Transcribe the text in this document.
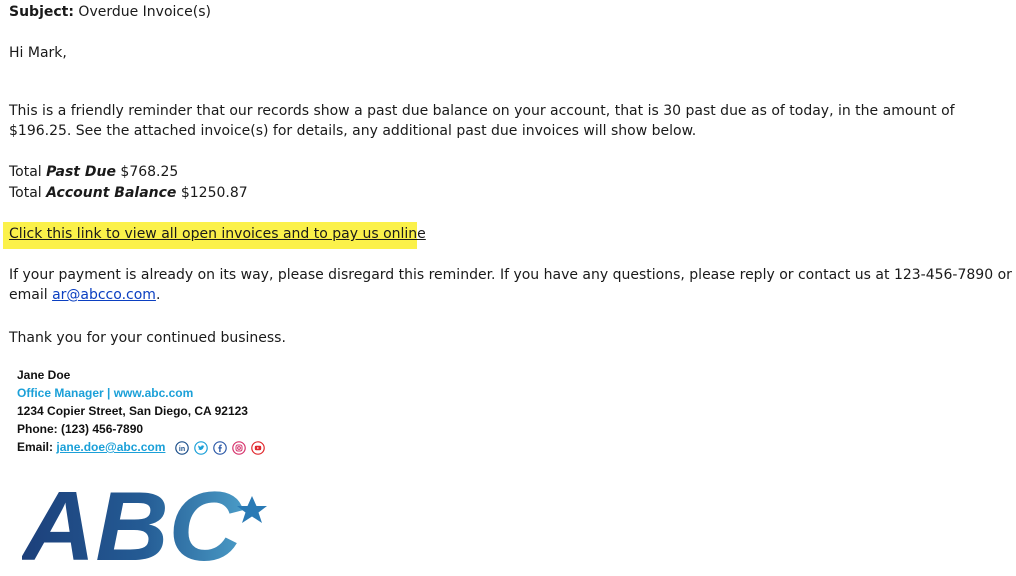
Subject: Overdue Invoice(s)
Hi Mark,
This is a friendly reminder that our records show a past due balance on your account, that is 30 past due as of today, in the amount of $196.25. See the attached invoice(s) for details, any additional past due invoices will show below.
Total Past Due $768.25
Total Account Balance $1250.87
Click this link to view all open invoices and to pay us online
If your payment is already on its way, please disregard this reminder. If you have any questions, please reply or contact us at 123-456-7890 or email ar@abcco.com.
Thank you for your continued business.
Jane Doe
Office Manager | www.abc.com
1234 Copier Street, San Diego, CA 92123
Phone: (123) 456-7890
Email: jane.doe@abc.com in
ABC
